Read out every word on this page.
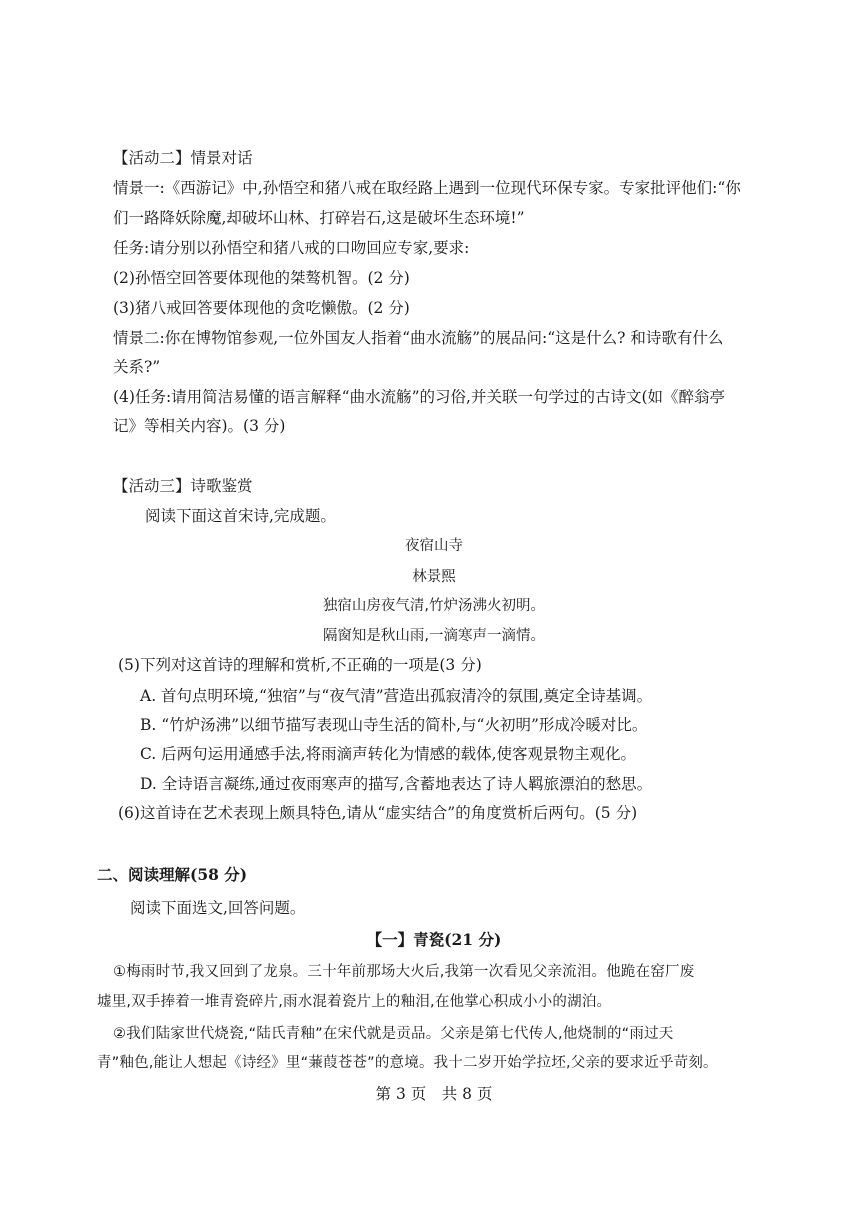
【活动二】情景对话
情景一:《西游记》中,孙悟空和猪八戒在取经路上遇到一位现代环保专家。专家批评他们:“你
们一路降妖除魔,却破坏山林、打碎岩石,这是破坏生态环境!”
任务:请分别以孙悟空和猪八戒的口吻回应专家,要求:
(2)孙悟空回答要体现他的桀骜机智。(2 分)
(3)猪八戒回答要体现他的贪吃懒傲。(2 分)
情景二:你在博物馆参观,一位外国友人指着“曲水流觞”的展品问:“这是什么? 和诗歌有什么
关系?”
(4)任务:请用简洁易懂的语言解释“曲水流觞”的习俗,并关联一句学过的古诗文(如《醉翁亭
记》等相关内容)。(3 分)
【活动三】诗歌鉴赏
阅读下面这首宋诗,完成题。
夜宿山寺
林景熙
独宿山房夜气清,竹炉汤沸火初明。
隔窗知是秋山雨,一滴寒声一滴情。
(5)下列对这首诗的理解和赏析,不正确的一项是(3 分)
A. 首句点明环境,“独宿”与“夜气清”营造出孤寂清冷的氛围,奠定全诗基调。
B. “竹炉汤沸”以细节描写表现山寺生活的简朴,与“火初明”形成冷暖对比。
C. 后两句运用通感手法,将雨滴声转化为情感的载体,使客观景物主观化。
D. 全诗语言凝练,通过夜雨寒声的描写,含蓄地表达了诗人羁旅漂泊的愁思。
(6)这首诗在艺术表现上颇具特色,请从“虚实结合”的角度赏析后两句。(5 分)
二、阅读理解(58 分)
阅读下面选文,回答问题。
【一】青瓷(21 分)
①梅雨时节,我又回到了龙泉。三十年前那场大火后,我第一次看见父亲流泪。他跪在窑厂废
墟里,双手捧着一堆青瓷碎片,雨水混着瓷片上的釉泪,在他掌心积成小小的湖泊。
②我们陆家世代烧瓷,“陆氏青釉”在宋代就是贡品。父亲是第七代传人,他烧制的“雨过天
青”釉色,能让人想起《诗经》里“蒹葭苍苍”的意境。我十二岁开始学拉坯,父亲的要求近乎苛刻。
第 3 页　共 8 页
